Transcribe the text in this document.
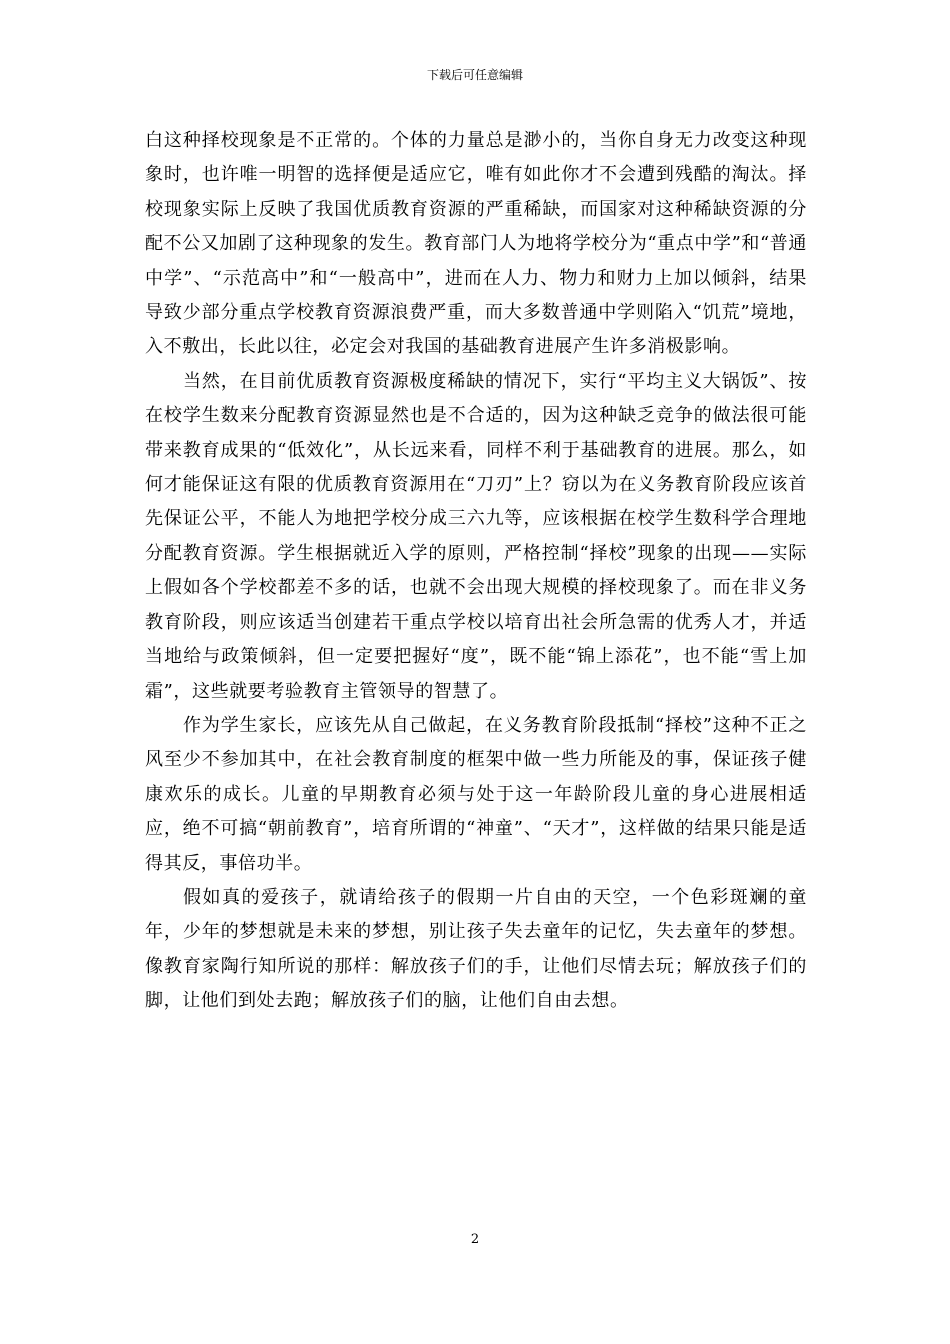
下载后可任意编辑

白这种择校现象是不正常的。个体的力量总是渺小的，当你自身无力改变这种现象时，也许唯一明智的选择便是适应它，唯有如此你才不会遭到残酷的淘汰。择校现象实际上反映了我国优质教育资源的严重稀缺，而国家对这种稀缺资源的分配不公又加剧了这种现象的发生。教育部门人为地将学校分为“重点中学”和“普通中学”、“示范高中”和“一般高中”，进而在人力、物力和财力上加以倾斜，结果导致少部分重点学校教育资源浪费严重，而大多数普通中学则陷入“饥荒”境地，入不敷出，长此以往，必定会对我国的基础教育进展产生许多消极影响。

当然，在目前优质教育资源极度稀缺的情况下，实行“平均主义大锅饭”、按在校学生数来分配教育资源显然也是不合适的，因为这种缺乏竞争的做法很可能带来教育成果的“低效化”，从长远来看，同样不利于基础教育的进展。那么，如何才能保证这有限的优质教育资源用在“刀刃”上？窃以为在义务教育阶段应该首先保证公平，不能人为地把学校分成三六九等，应该根据在校学生数科学合理地分配教育资源。学生根据就近入学的原则，严格控制“择校”现象的出现——实际上假如各个学校都差不多的话，也就不会出现大规模的择校现象了。而在非义务教育阶段，则应该适当创建若干重点学校以培育出社会所急需的优秀人才，并适当地给与政策倾斜，但一定要把握好“度”，既不能“锦上添花”，也不能“雪上加霜”，这些就要考验教育主管领导的智慧了。

作为学生家长，应该先从自己做起，在义务教育阶段抵制“择校”这种不正之风至少不参加其中，在社会教育制度的框架中做一些力所能及的事，保证孩子健康欢乐的成长。儿童的早期教育必须与处于这一年龄阶段儿童的身心进展相适应，绝不可搞“朝前教育”，培育所谓的“神童”、“天才”，这样做的结果只能是适得其反，事倍功半。

假如真的爱孩子，就请给孩子的假期一片自由的天空，一个色彩斑斓的童年，少年的梦想就是未来的梦想，别让孩子失去童年的记忆，失去童年的梦想。像教育家陶行知所说的那样：解放孩子们的手，让他们尽情去玩；解放孩子们的脚，让他们到处去跑；解放孩子们的脑，让他们自由去想。

2
